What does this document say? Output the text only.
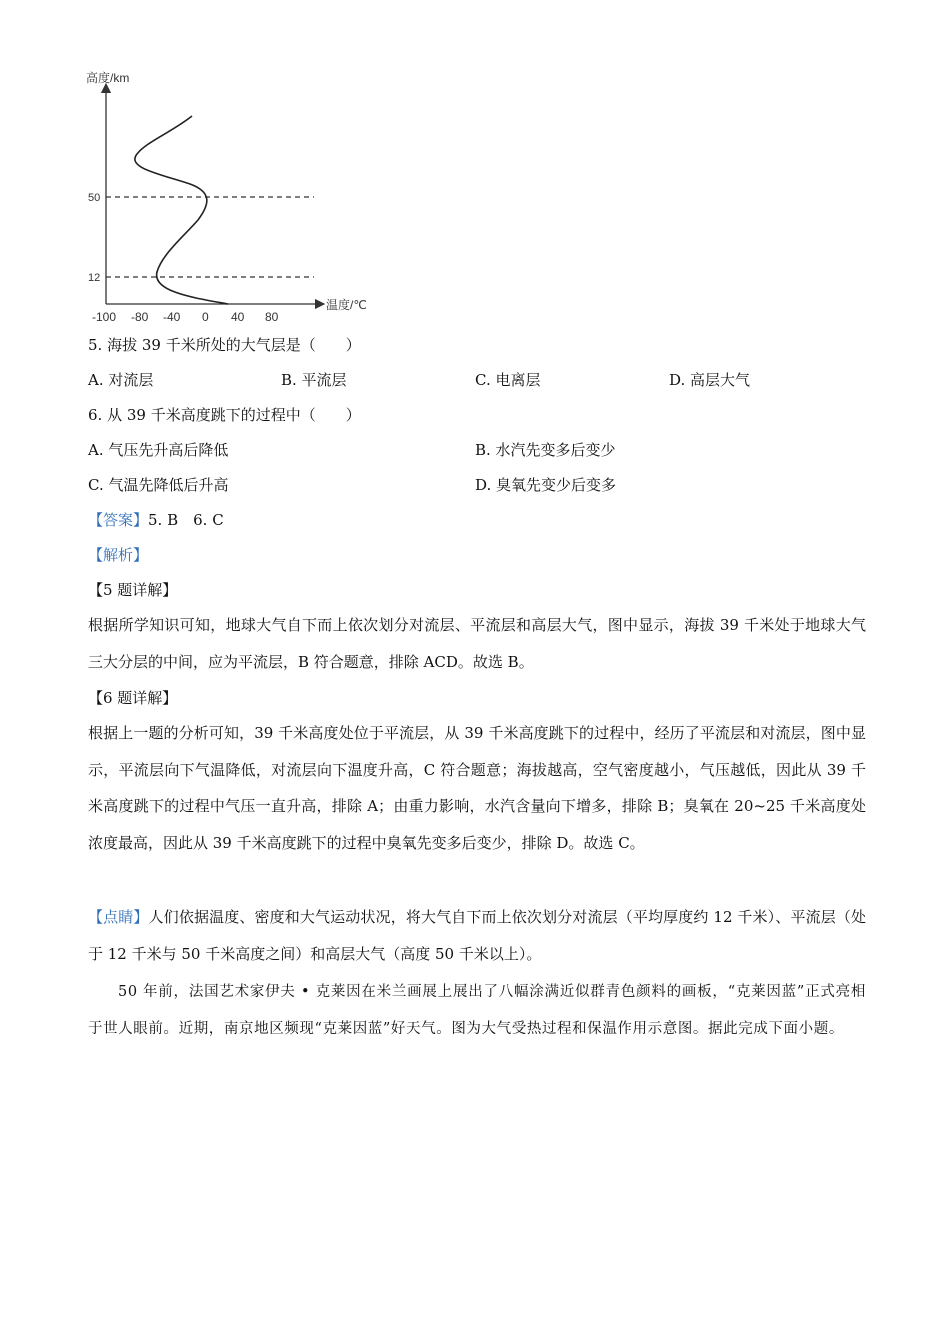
高度/km
温度/℃
50
12
-100 -80 -40 0 40 80
5. 海拔 39 千米所处的大气层是（　　）
A. 对流层	B. 平流层	C. 电离层	D. 高层大气
6. 从 39 千米高度跳下的过程中（　　）
A. 气压先升高后降低	B. 水汽先变多后变少
C. 气温先降低后升高	D. 臭氧先变少后变多
【答案】5. B　6. C
【解析】
【5 题详解】
根据所学知识可知，地球大气自下而上依次划分对流层、平流层和高层大气，图中显示，海拔 39 千米处于地球大气三大分层的中间，应为平流层，B 符合题意，排除 ACD。故选 B。
【6 题详解】
根据上一题的分析可知，39 千米高度处位于平流层，从 39 千米高度跳下的过程中，经历了平流层和对流层，图中显示，平流层向下气温降低，对流层向下温度升高，C 符合题意；海拔越高，空气密度越小，气压越低，因此从 39 千米高度跳下的过程中气压一直升高，排除 A；由重力影响，水汽含量向下增多，排除 B；臭氧在 20~25 千米高度处浓度最高，因此从 39 千米高度跳下的过程中臭氧先变多后变少，排除 D。故选 C。
【点睛】人们依据温度、密度和大气运动状况，将大气自下而上依次划分对流层（平均厚度约 12 千米）、平流层（处于 12 千米与 50 千米高度之间）和高层大气（高度 50 千米以上）。
50 年前，法国艺术家伊夫 • 克莱因在米兰画展上展出了八幅涂满近似群青色颜料的画板，“克莱因蓝”正式亮相于世人眼前。近期，南京地区频现“克莱因蓝”好天气。图为大气受热过程和保温作用示意图。据此完成下面小题。
